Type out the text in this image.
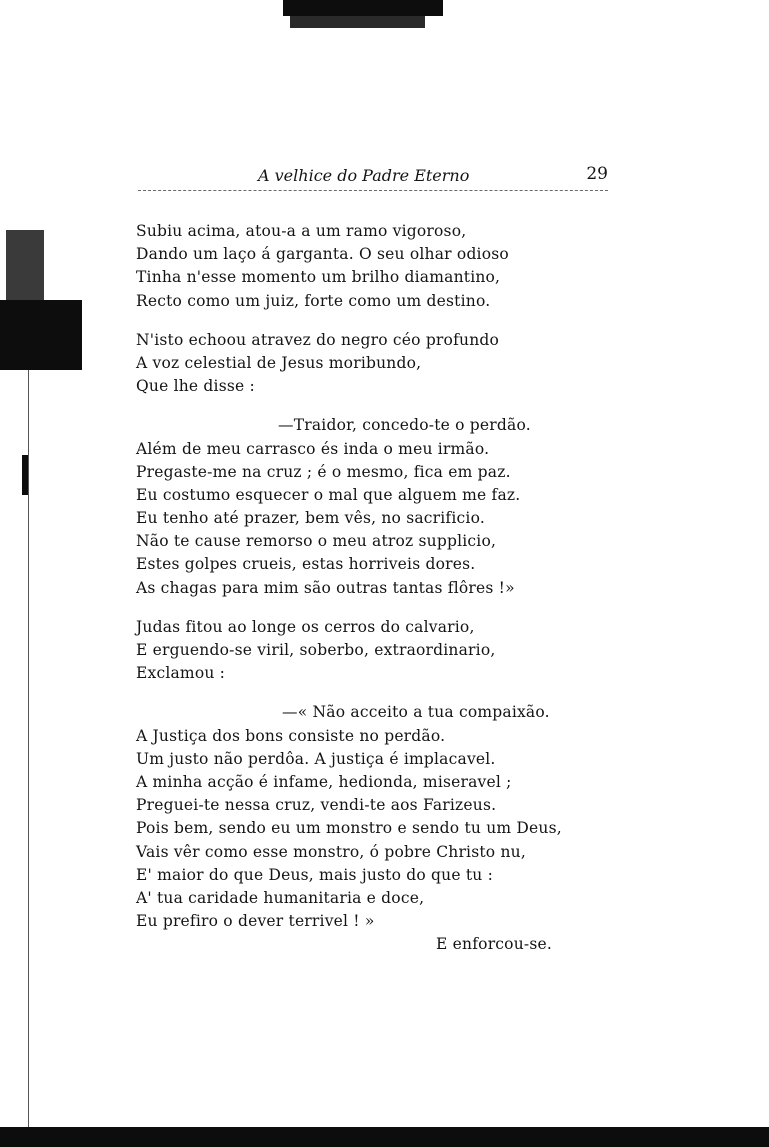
A velhice do Padre Eterno	29
Subiu acima, atou-a a um ramo vigoroso,
Dando um laço á garganta. O seu olhar odioso
Tinha n'esse momento um brilho diamantino,
Recto como um juiz, forte como um destino.
N'isto echoou atravez do negro céo profundo
A voz celestial de Jesus moribundo,
Que lhe disse :
—Traidor, concedo-te o perdão.
Além de meu carrasco és inda o meu irmão.
Pregaste-me na cruz ; é o mesmo, fica em paz.
Eu costumo esquecer o mal que alguem me faz.
Eu tenho até prazer, bem vês, no sacrificio.
Não te cause remorso o meu atroz supplicio,
Estes golpes crueis, estas horriveis dores.
As chagas para mim são outras tantas flôres !»
Judas fitou ao longe os cerros do calvario,
E erguendo-se viril, soberbo, extraordinario,
Exclamou :
—« Não acceito a tua compaixão.
A Justiça dos bons consiste no perdão.
Um justo não perdôa. A justiça é implacavel.
A minha acção é infame, hedionda, miseravel ;
Preguei-te nessa cruz, vendi-te aos Farizeus.
Pois bem, sendo eu um monstro e sendo tu um Deus,
Vais vêr como esse monstro, ó pobre Christo nu,
E' maior do que Deus, mais justo do que tu :
A' tua caridade humanitaria e doce,
Eu prefiro o dever terrivel ! »
E enforcou-se.
